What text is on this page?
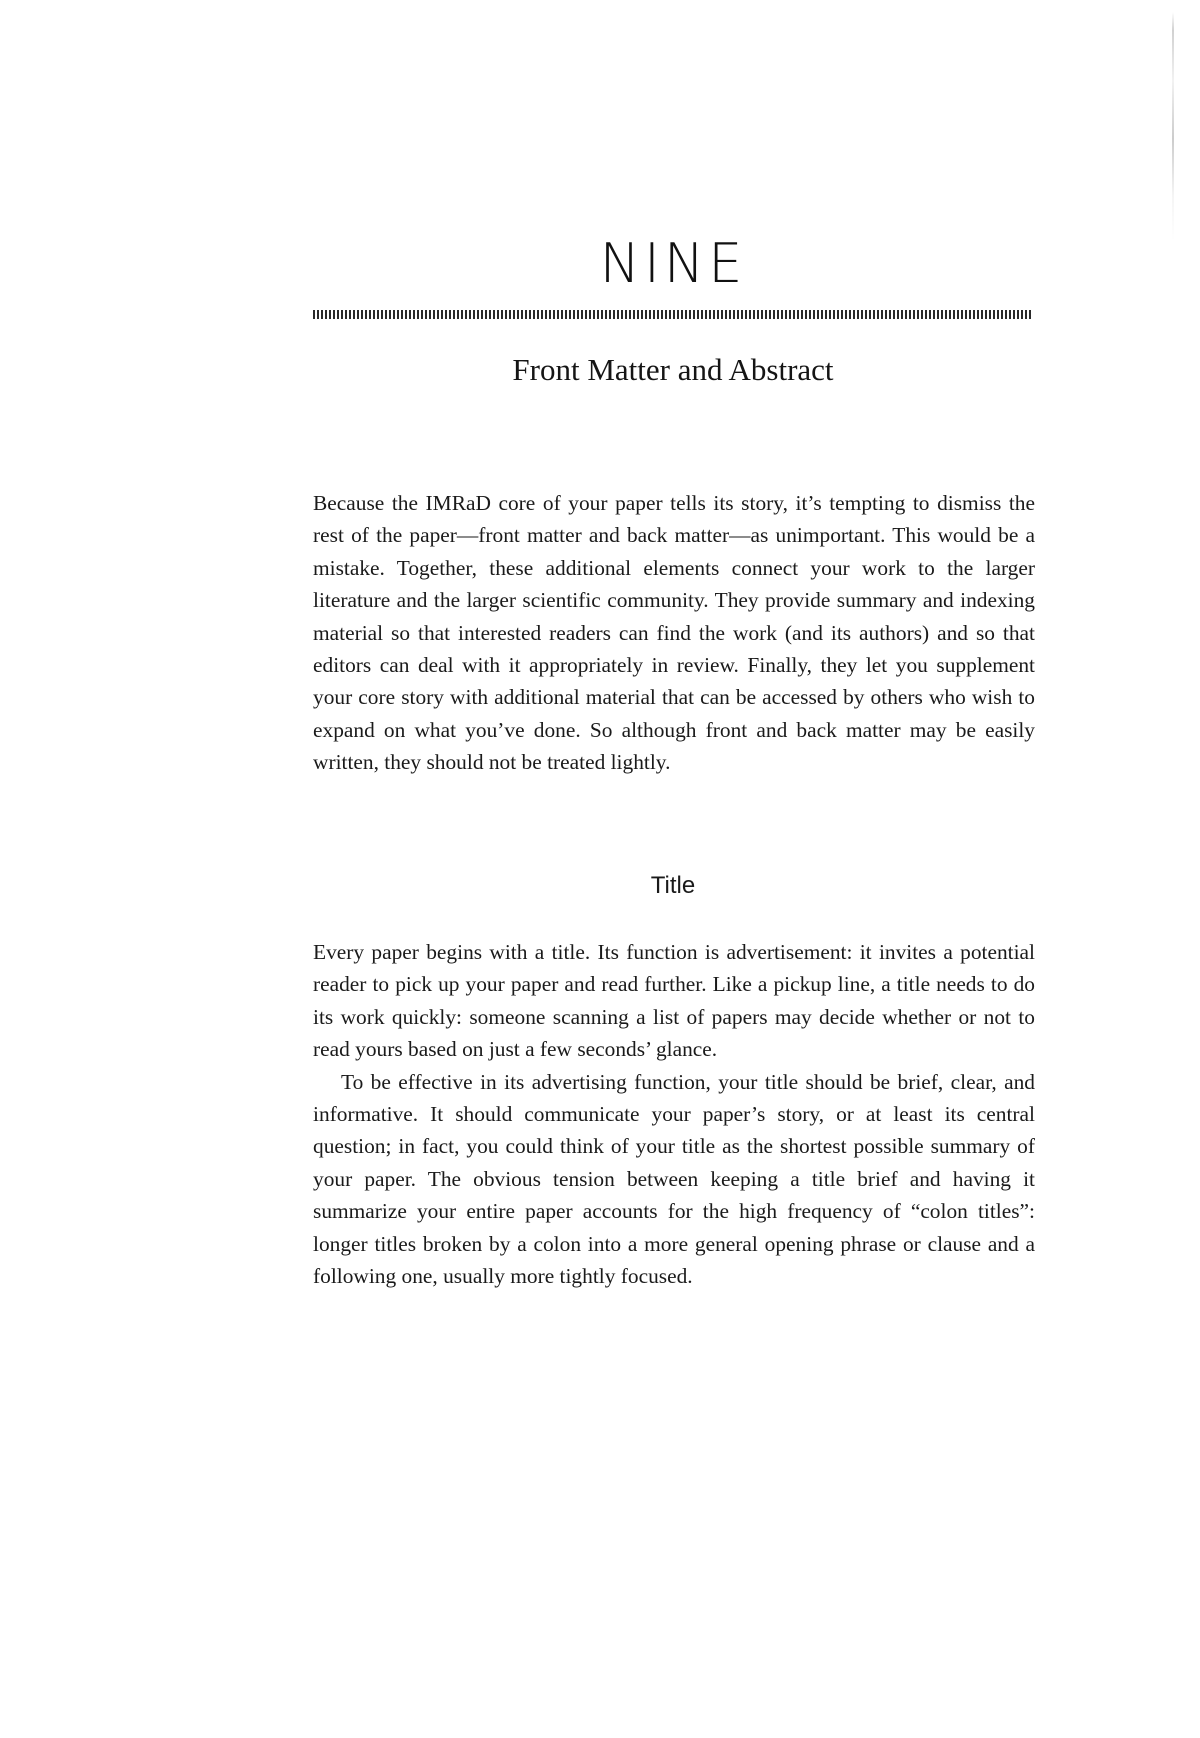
NINE
Front Matter and Abstract

Because the IMRaD core of your paper tells its story, it’s tempting to dismiss the rest of the paper—front matter and back matter—as unimportant. This would be a mistake. Together, these additional elements connect your work to the larger literature and the larger scientific community. They provide summary and indexing material so that interested readers can find the work (and its authors) and so that editors can deal with it appropriately in review. Finally, they let you supplement your core story with additional material that can be accessed by others who wish to expand on what you’ve done. So although front and back matter may be easily written, they should not be treated lightly.

Title

Every paper begins with a title. Its function is advertisement: it invites a potential reader to pick up your paper and read further. Like a pickup line, a title needs to do its work quickly: someone scanning a list of papers may decide whether or not to read yours based on just a few seconds’ glance.

To be effective in its advertising function, your title should be brief, clear, and informative. It should communicate your paper’s story, or at least its central question; in fact, you could think of your title as the shortest possible summary of your paper. The obvious tension between keeping a title brief and having it summarize your entire paper accounts for the high frequency of “colon titles”: longer titles broken by a colon into a more general opening phrase or clause and a following one, usually more tightly focused.
